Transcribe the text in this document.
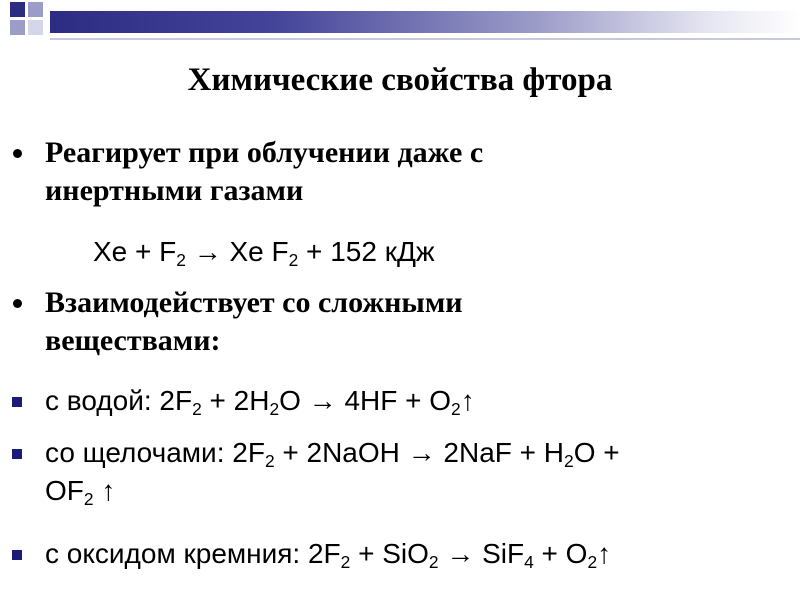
Химические свойства фтора
Реагирует при облучении даже с
инертными газами
$Xe + F_2 \to Xe$ $F_2 + 152$ кДж
Взаимодействует со сложными
веществами:
с водой: $2F_2 + 2H_2O \to 4HF$ + $O_2↑$
со щелочами: $2F_2$ + 2NaOH → $2NaF + H_2O$ +
$OF_2$ ↑
с оксидом кремния: $2F_2 + SiO_2 \to SiF_4$ + $O_2↑$
